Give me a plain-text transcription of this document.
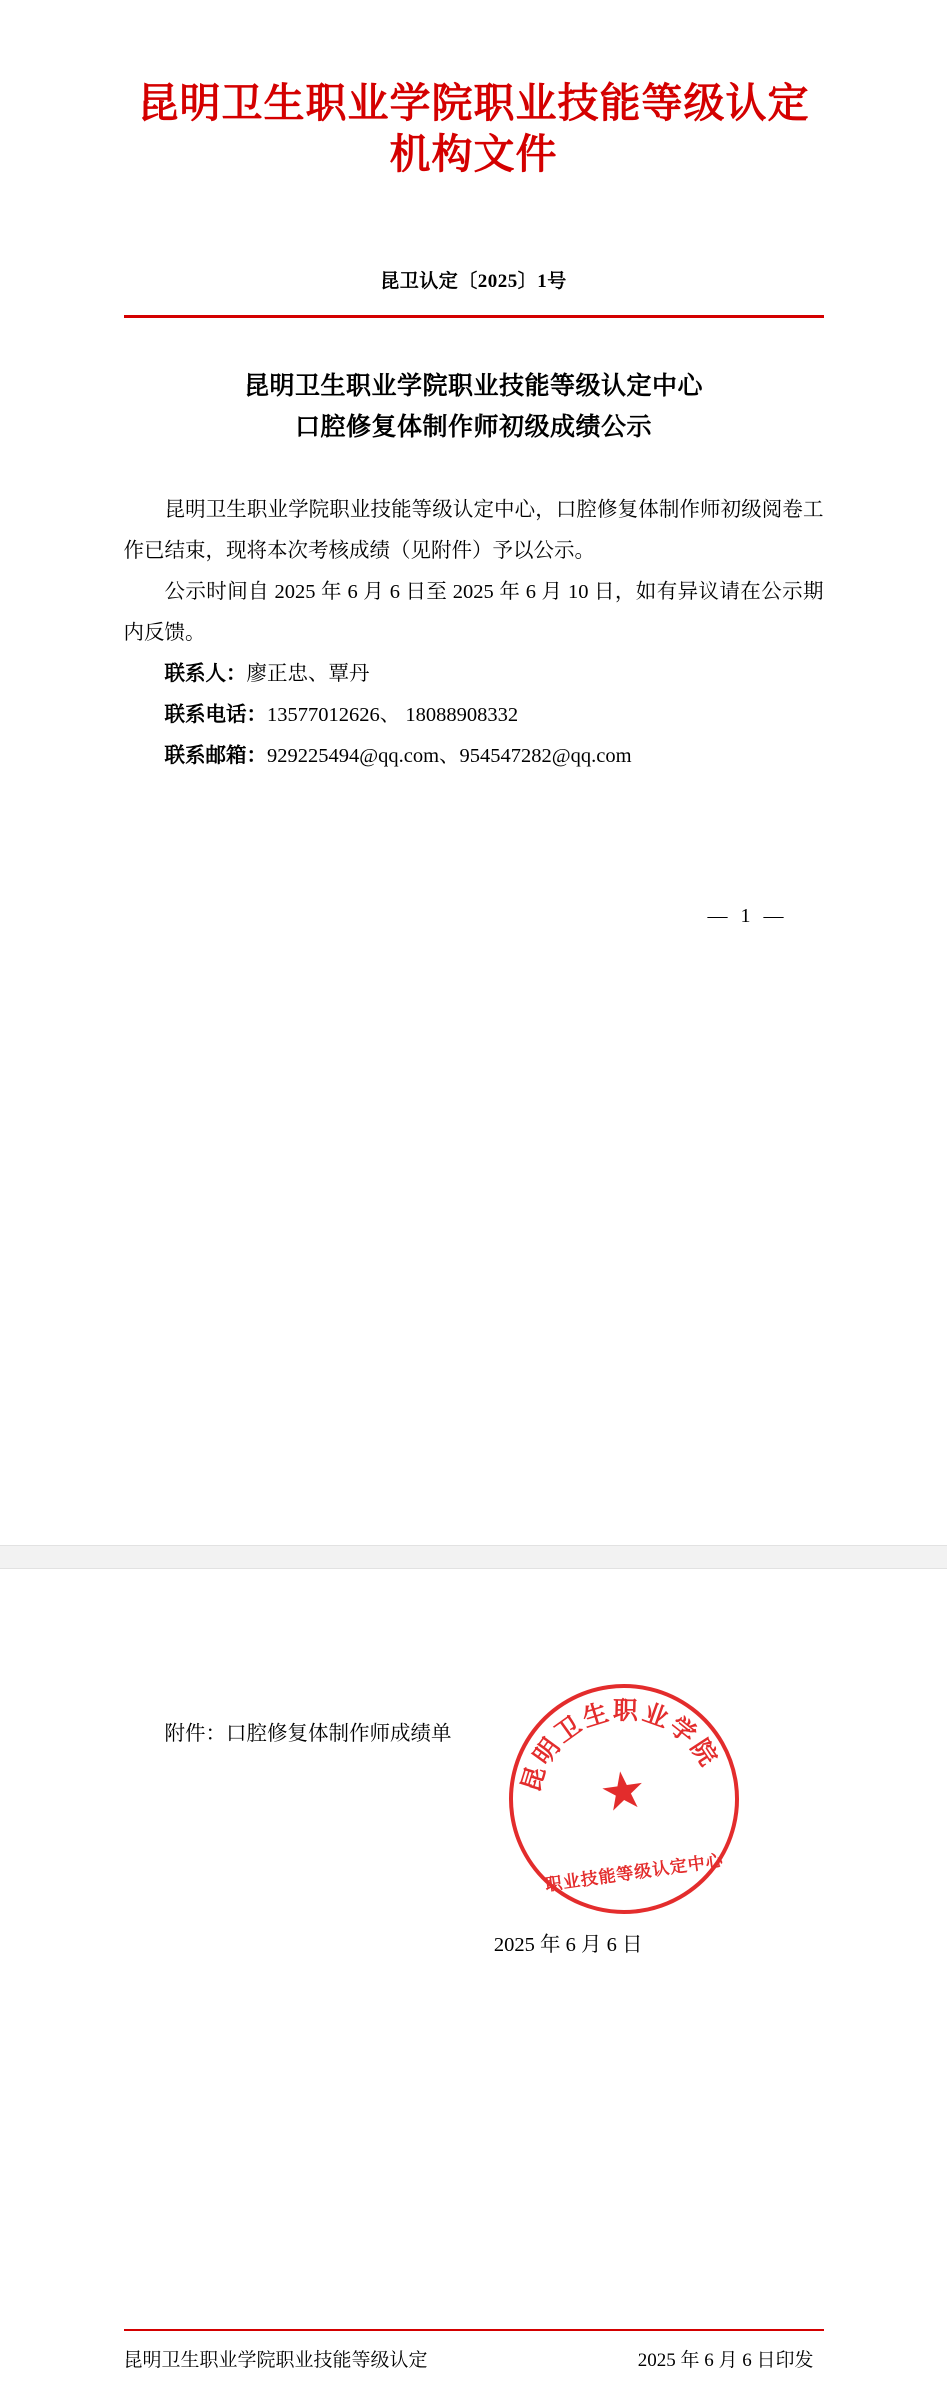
昆明卫生职业学院职业技能等级认定机构文件
昆卫认定〔2025〕1号
昆明卫生职业学院职业技能等级认定中心
口腔修复体制作师初级成绩公示

昆明卫生职业学院职业技能等级认定中心，口腔修复体制作师初级阅卷工作已结束，现将本次考核成绩（见附件）予以公示。

公示时间自 2025 年 6 月 6 日至 2025 年 6 月 10 日，如有异议请在公示期内反馈。

联系人：廖正忠、覃丹

联系电话：13577012626、 18088908332

联系邮箱：929225494@qq.com、954547282@qq.com

— 1 —

附件：口腔修复体制作师成绩单

昆明卫生职业学院
★
职业技能等级认定中心
2025 年 6 月 6 日
昆明卫生职业学院职业技能等级认定	2025 年 6 月 6 日印发
